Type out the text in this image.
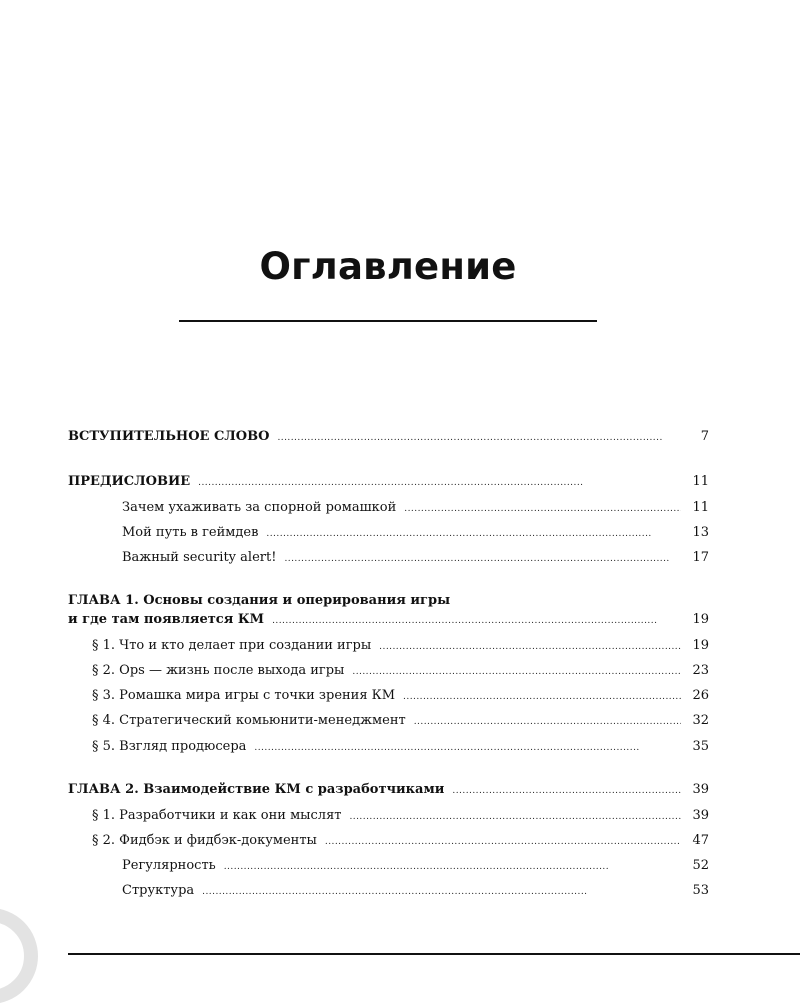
Оглавление
ВСТУПИТЕЛЬНОЕ СЛОВО . . .	7
ПРЕДИСЛОВИЕ . . .	11
Зачем ухаживать за спорной ромашкой . . .	11
Мой путь в геймдев . . .	13
Важный security alert! . . .	17
ГЛАВА 1. Основы создания и оперирования игры
и где там появляется КМ . . .	19
§ 1. Что и кто делает при создании игры . . .	19
§ 2. Ops — жизнь после выхода игры . . .	23
§ 3. Ромашка мира игры с точки зрения КМ . . .	26
§ 4. Стратегический комьюнити-менеджмент . . .	32
§ 5. Взгляд продюсера . . .	35
ГЛАВА 2. Взаимодействие КМ с разработчиками . . .	39
§ 1. Разработчики и как они мыслят . . .	39
§ 2. Фидбэк и фидбэк-документы . . .	47
Регулярность . . .	52
Структура . . .	53
